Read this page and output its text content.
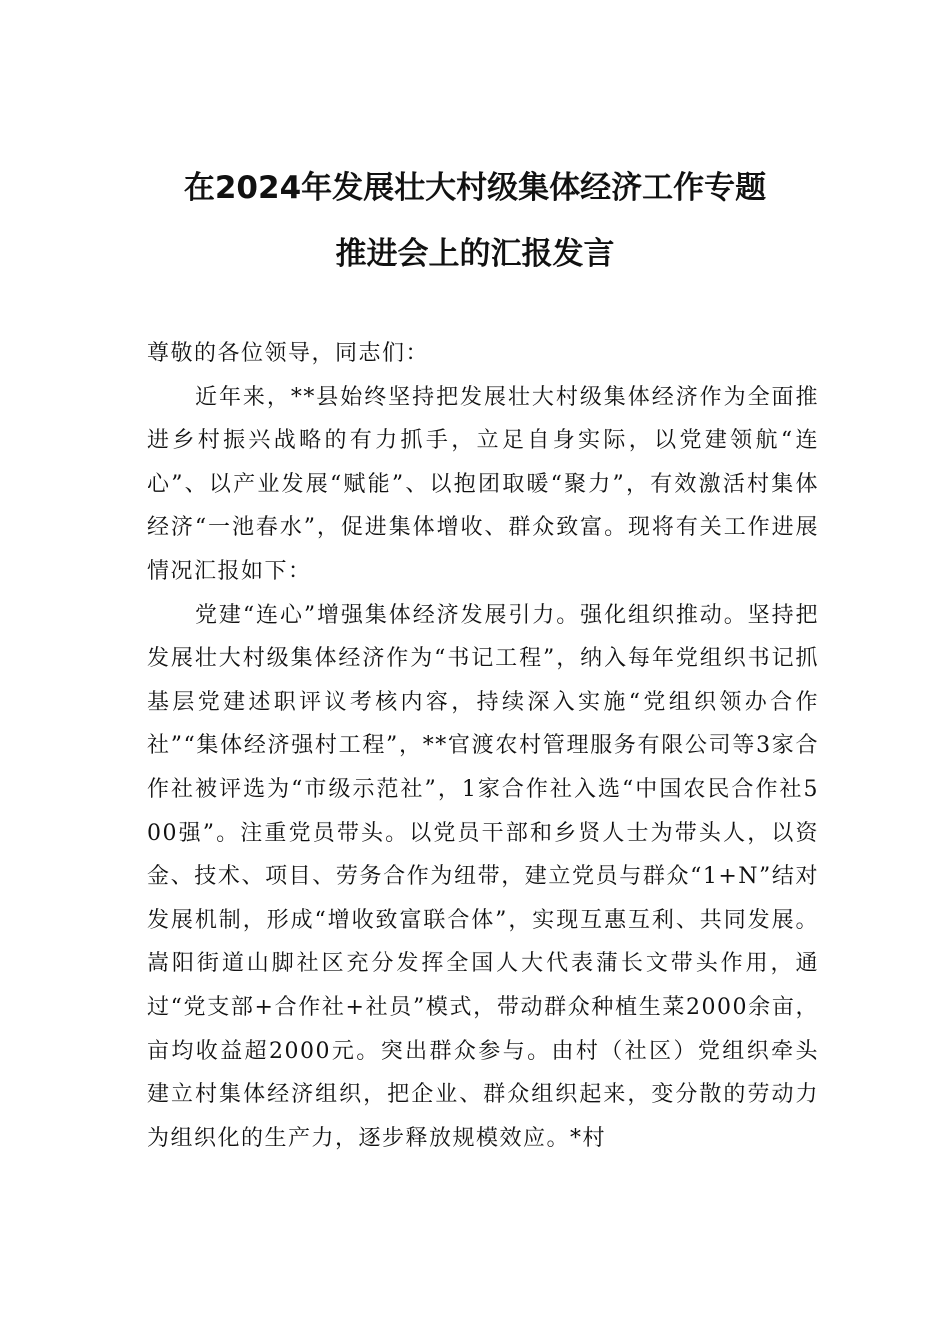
在2024年发展壮大村级集体经济工作专题
推进会上的汇报发言

尊敬的各位领导，同志们：

近年来，**县始终坚持把发展壮大村级集体经济作为全面推进乡村振兴战略的有力抓手，立足自身实际，以党建领航“连心”、以产业发展“赋能”、以抱团取暖“聚力”，有效激活村集体经济“一池春水”，促进集体增收、群众致富。现将有关工作进展情况汇报如下：

党建“连心”增强集体经济发展引力。强化组织推动。坚持把发展壮大村级集体经济作为“书记工程”，纳入每年党组织书记抓基层党建述职评议考核内容，持续深入实施“党组织领办合作社”“集体经济强村工程”，**官渡农村管理服务有限公司等3家合作社被评选为“市级示范社”，1家合作社入选“中国农民合作社500强”。注重党员带头。以党员干部和乡贤人士为带头人，以资金、技术、项目、劳务合作为纽带，建立党员与群众“1+N”结对发展机制，形成“增收致富联合体”，实现互惠互利、共同发展。嵩阳街道山脚社区充分发挥全国人大代表蒲长文带头作用，通过“党支部+合作社+社员”模式，带动群众种植生菜2000余亩，亩均收益超2000元。突出群众参与。由村（社区）党组织牵头建立村集体经济组织，把企业、群众组织起来，变分散的劳动力为组织化的生产力，逐步释放规模效应。*村
